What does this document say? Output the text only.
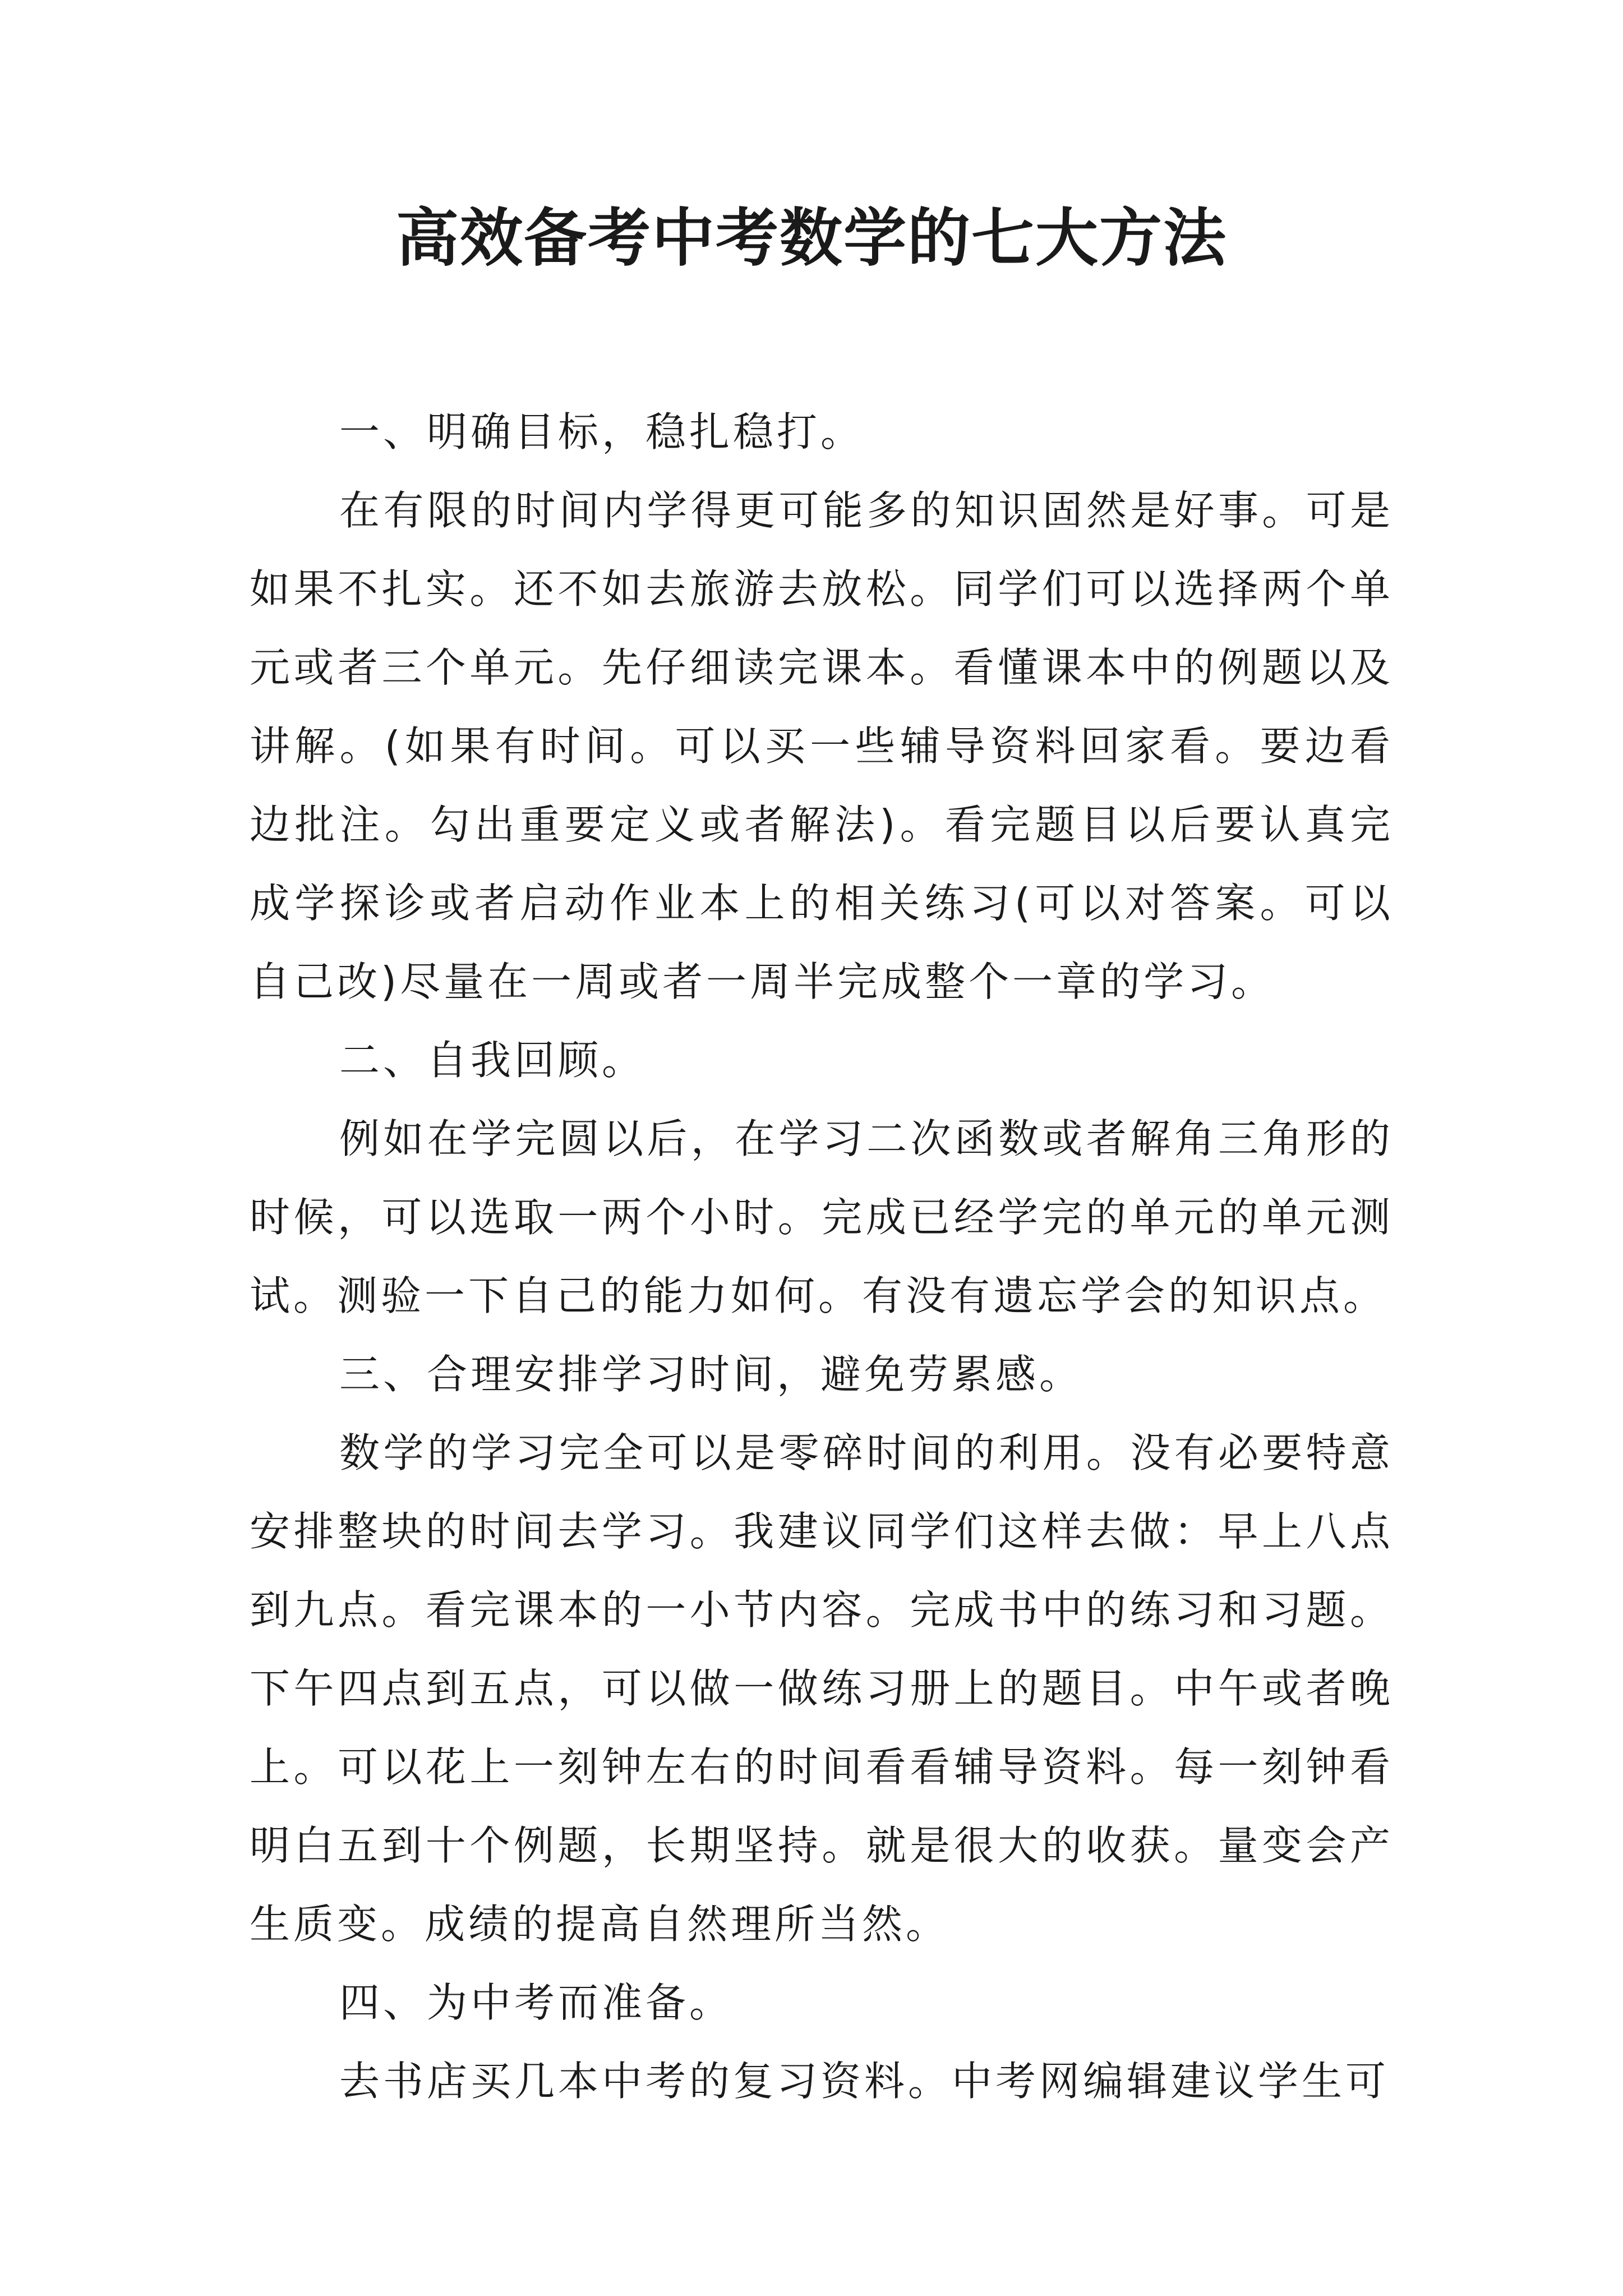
高效备考中考数学的七大方法

一、明确目标，稳扎稳打。

在有限的时间内学得更可能多的知识固然是好事。可是如果不扎实。还不如去旅游去放松。同学们可以选择两个单元或者三个单元。先仔细读完课本。看懂课本中的例题以及讲解。(如果有时间。可以买一些辅导资料回家看。要边看边批注。勾出重要定义或者解法)。看完题目以后要认真完成学探诊或者启动作业本上的相关练习(可以对答案。可以自己改)尽量在一周或者一周半完成整个一章的学习。

二、自我回顾。

例如在学完圆以后，在学习二次函数或者解角三角形的时候，可以选取一两个小时。完成已经学完的单元的单元测试。测验一下自己的能力如何。有没有遗忘学会的知识点。

三、合理安排学习时间，避免劳累感。

数学的学习完全可以是零碎时间的利用。没有必要特意安排整块的时间去学习。我建议同学们这样去做：早上八点到九点。看完课本的一小节内容。完成书中的练习和习题。下午四点到五点，可以做一做练习册上的题目。中午或者晚上。可以花上一刻钟左右的时间看看辅导资料。每一刻钟看明白五到十个例题，长期坚持。就是很大的收获。量变会产生质变。成绩的提高自然理所当然。

四、为中考而准备。

去书店买几本中考的复习资料。中考网编辑建议学生可
